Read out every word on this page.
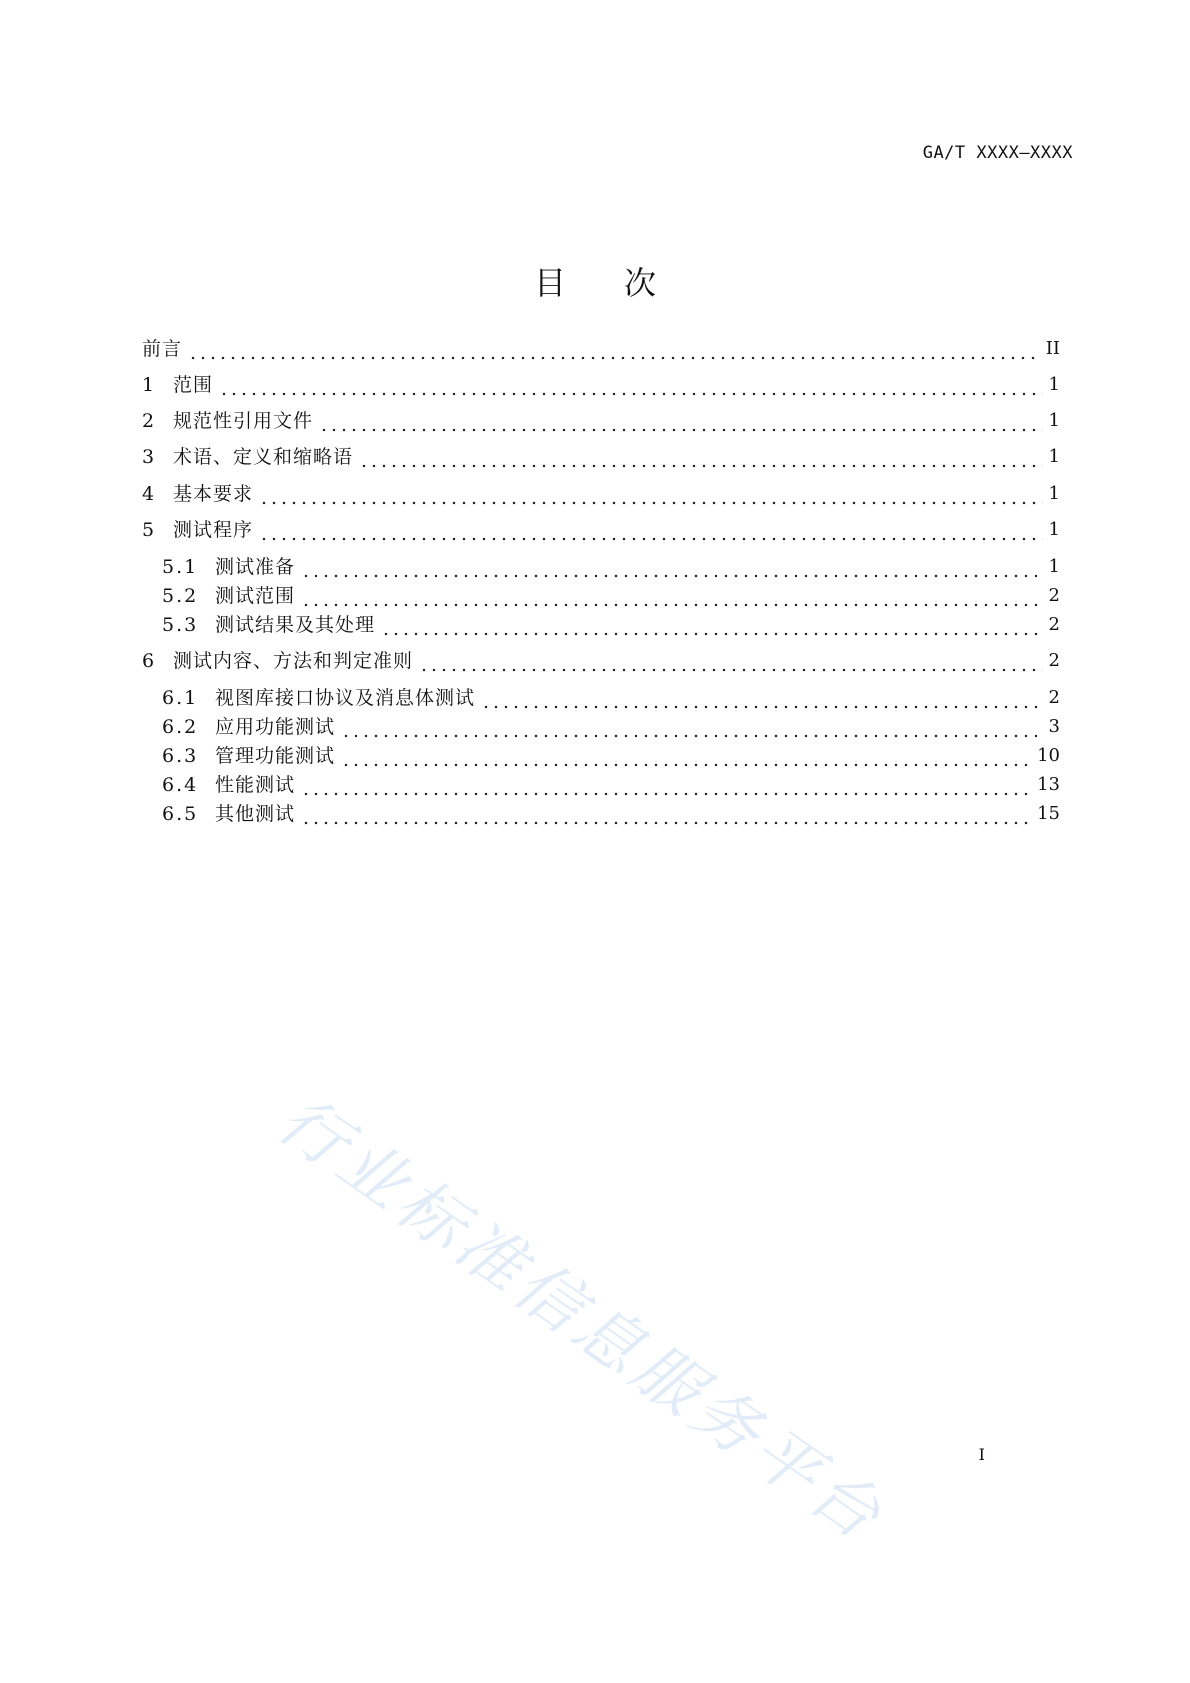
GA/T XXXX—XXXX
目次
前言	II
1 范围	1
2 规范性引用文件	1
3 术语、定义和缩略语	1
4 基本要求	1
5 测试程序	1
5.1 测试准备	1
5.2 测试范围	2
5.3 测试结果及其处理	2
6 测试内容、方法和判定准则	2
6.1 视图库接口协议及消息体测试	2
6.2 应用功能测试	3
6.3 管理功能测试	10
6.4 性能测试	13
6.5 其他测试	15
行业标准信息服务平台	I
